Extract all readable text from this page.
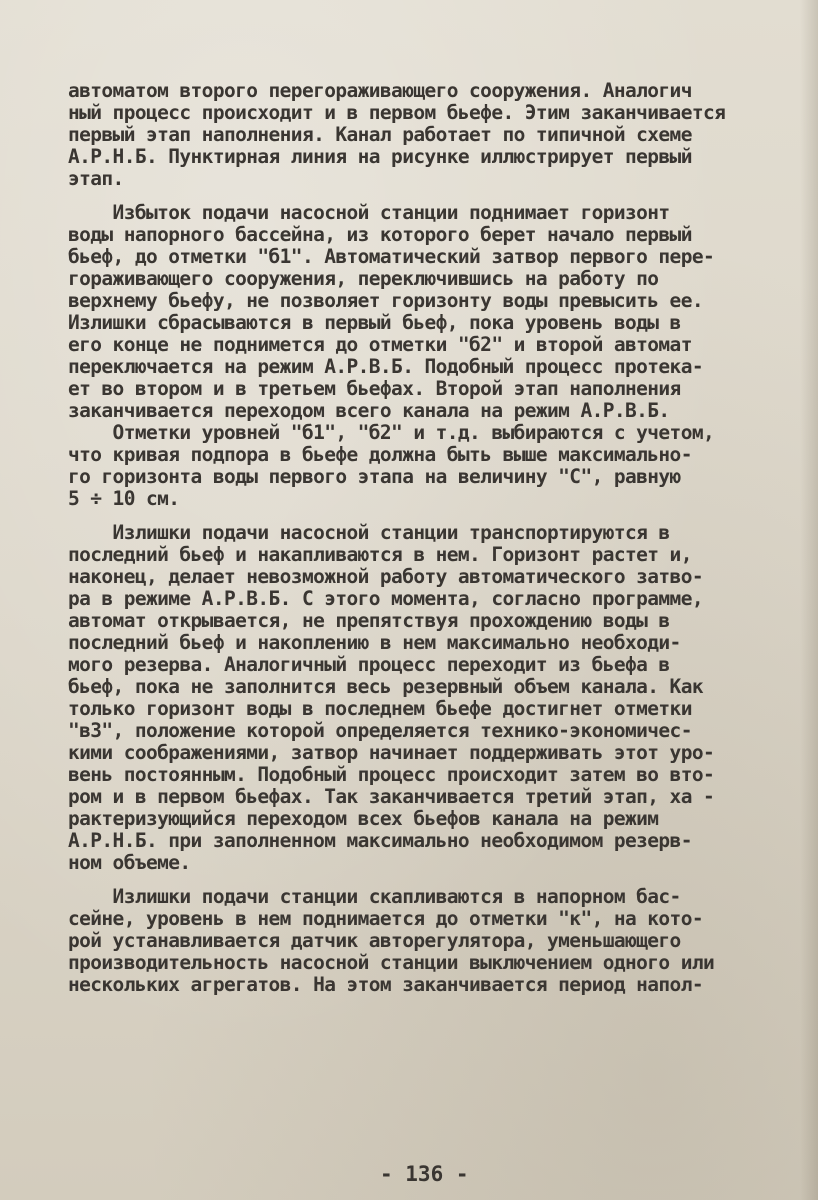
автоматом второго перегораживающего сооружения. Аналогич
ный процесс происходит и в первом бьефе. Этим заканчивается
первый этап наполнения. Канал работает по типичной схеме
А.Р.Н.Б. Пунктирная линия на рисунке иллюстрирует первый
этап.
Избыток подачи насосной станции поднимает горизонт
воды напорного бассейна, из которого берет начало первый
бьеф, до отметки "б1". Автоматический затвор первого пере-
гораживающего сооружения, переключившись на работу по
верхнему бьефу, не позволяет горизонту воды превысить ее.
Излишки сбрасываются в первый бьеф, пока уровень воды в
его конце не поднимется до отметки "б2" и второй автомат
переключается на режим А.Р.В.Б. Подобный процесс протека-
ет во втором и в третьем бьефах. Второй этап наполнения
заканчивается переходом всего канала на режим А.Р.В.Б.
Отметки уровней "б1", "б2" и т.д. выбираются с учетом,
что кривая подпора в бьефе должна быть выше максимально-
го горизонта воды первого этапа на величину "С", равную
5 ÷ 10 см.
Излишки подачи насосной станции транспортируются в
последний бьеф и накапливаются в нем. Горизонт растет и,
наконец, делает невозможной работу автоматического затво-
ра в режиме А.Р.В.Б. С этого момента, согласно программе,
автомат открывается, не препятствуя прохождению воды в
последний бьеф и накоплению в нем максимально необходи-
мого резерва. Аналогичный процесс переходит из бьефа в
бьеф, пока не заполнится весь резервный объем канала. Как
только горизонт воды в последнем бьефе достигнет отметки
"в3", положение которой определяется технико-экономичес-
кими соображениями, затвор начинает поддерживать этот уро-
вень постоянным. Подобный процесс происходит затем во вто-
ром и в первом бьефах. Так заканчивается третий этап, ха -
рактеризующийся переходом всех бьефов канала на режим
А.Р.Н.Б. при заполненном максимально необходимом резерв-
ном объеме.
Излишки подачи станции скапливаются в напорном бас-
сейне, уровень в нем поднимается до отметки "к", на кото-
рой устанавливается датчик авторегулятора, уменьшающего
производительность насосной станции выключением одного или
нескольких агрегатов. На этом заканчивается период напол-
- 136 -
